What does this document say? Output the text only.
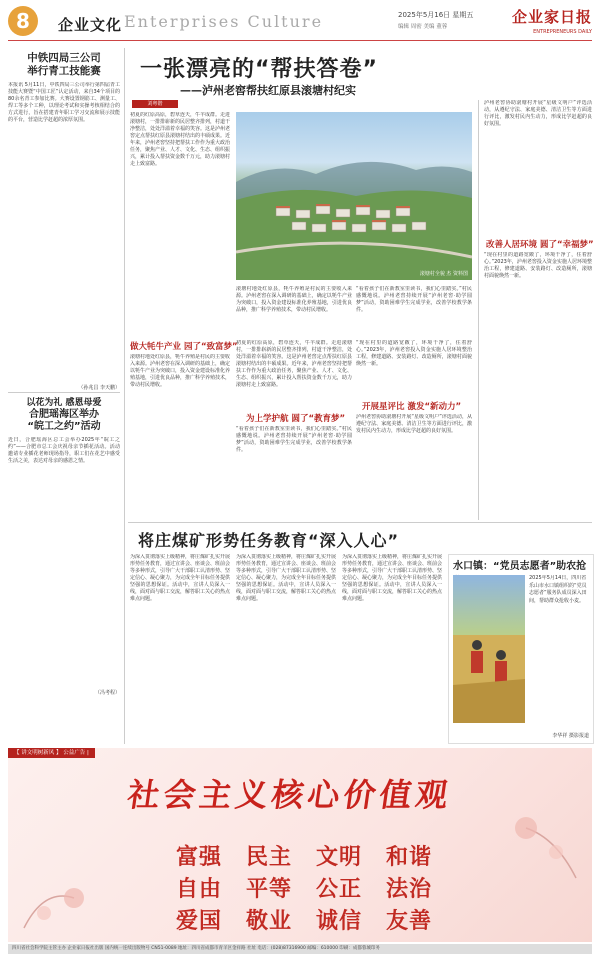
8	企业文化 Enterprises Culture	2025年5月16日 星期五
编辑 周密 美编 董蓉
企业家日报
ENTREPRENEURS DAILY
中铁四局三公司
举行青工技能赛
本报讯 5月11日，中铁四局三公司举行第四届青工技能大赛暨“中国工匠”认定活动，来自34个项目的80余名青工参加比赛。大赛设置钢筋工、测量工、焊工等多个工种，以理论考试和实操考核相结合的方式进行，旨在搭建青年职工学习交流和展示技能的平台，营造比学赶超的浓厚氛围。
（孙兆昌 李天鹏）
以花为礼 感恩母爱
合肥瑶海区举办
“皖工之约”活动
近日，合肥瑶海区总工会举办2025年“皖工之约”——合肥市总工会庆祝母亲节插花活动。活动邀请专业插花老师现场指导，职工们在花艺中感受生活之美，表达对母亲的感恩之情。
（冯考程）
一张漂亮的“帮扶答卷”
——泸州老窖帮扶红原县滚塘村纪实
刘粤锴
初夏的红原高原，碧草连天，牛羊成群。走进滚塘村，一排排崭新的民居整齐排列，村道干净整洁，处处洋溢着幸福的笑容。这是泸州老窖定点帮扶红原县滚塘村结出的丰硕成果。近年来，泸州老窖坚持把帮扶工作作为重大政治任务，聚焦产业、人才、文化、生态、组织振兴，累计投入帮扶资金数千万元，助力滚塘村走上致富路。
滚塘村全貌 杰 资料图
滚塘村地处红原县，牦牛养殖是村民的主要收入来源。泸州老窖在深入调研的基础上，确定以牦牛产业为突破口，投入资金建设标准化养殖基地，引进优良品种，推广科学养殖技术，带动村民增收。
“看着孩子们在新教室里读书，我们心里踏实。”村民感慨地说。泸州老窖持续开展“泸州老窖·助学圆梦”活动，资助困难学生完成学业，改善学校教学条件。
做大牦牛产业 园了“致富梦”
滚塘村地处红原县，牦牛养殖是村民的主要收入来源。泸州老窖在深入调研的基础上，确定以牦牛产业为突破口，投入资金建设标准化养殖基地，引进优良品种，推广科学养殖技术，带动村民增收。
初夏的红原高原，碧草连天，牛羊成群。走进滚塘村，一排排崭新的民居整齐排列，村道干净整洁，处处洋溢着幸福的笑容。这是泸州老窖定点帮扶红原县滚塘村结出的丰硕成果。近年来，泸州老窖坚持把帮扶工作作为重大政治任务，聚焦产业、人才、文化、生态、组织振兴，累计投入帮扶资金数千万元，助力滚塘村走上致富路。
为上学护航 圆了“教育梦”
“看着孩子们在新教室里读书，我们心里踏实。”村民感慨地说。泸州老窖持续开展“泸州老窖·助学圆梦”活动，资助困难学生完成学业，改善学校教学条件。
“现在村里的道路宽敞了，环境干净了，住着舒心。”2023年，泸州老窖投入资金实施人居环境整治工程，修建道路、安装路灯、改造厕所，滚塘村面貌焕然一新。
开展星评比 激发“新动力”
泸州老窖协助滚塘村开展“星级文明户”评选活动，从遵纪守法、家庭美德、清洁卫生等方面进行评比，激发村民内生动力，形成比学赶超的良好氛围。
泸州老窖协助滚塘村开展“星级文明户”评选活动，从遵纪守法、家庭美德、清洁卫生等方面进行评比，激发村民内生动力，形成比学赶超的良好氛围。
改善人居环境 圆了“幸福梦”
“现在村里的道路宽敞了，环境干净了，住着舒心。”2023年，泸州老窖投入资金实施人居环境整治工程，修建道路、安装路灯、改造厕所，滚塘村面貌焕然一新。
将庄煤矿形势任务教育“深入人心”
为深入贯彻落实上级精神，将庄煤矿扎实开展形势任务教育，通过宣讲会、座谈会、班前会等多种形式，引导广大干部职工认清形势、坚定信心、凝心聚力，为完成全年目标任务提供坚强的思想保证。活动中，宣讲人员深入一线，面对面与职工交流，解答职工关心的热点难点问题。
为深入贯彻落实上级精神，将庄煤矿扎实开展形势任务教育，通过宣讲会、座谈会、班前会等多种形式，引导广大干部职工认清形势、坚定信心、凝心聚力，为完成全年目标任务提供坚强的思想保证。活动中，宣讲人员深入一线，面对面与职工交流，解答职工关心的热点难点问题。
为深入贯彻落实上级精神，将庄煤矿扎实开展形势任务教育，通过宣讲会、座谈会、班前会等多种形式，引导广大干部职工认清形势、坚定信心、凝心聚力，为完成全年目标任务提供坚强的思想保证。活动中，宣讲人员深入一线，面对面与职工交流，解答职工关心的热点难点问题。
水口镇：“党员志愿者”助农抢
2025年5月14日，四川省乐山市水口镇组织的“党员志愿者”服务队成员深入田间，帮助群众抢收小麦。
李华祥 摄影报道
【 讲文明树新风 】 公益广告 |
社会主义核心价值观
富强 民主 文明 和谐
自由 平等 公正 法治
爱国 敬业 诚信 友善
四川省社会科学院主管主办 企业家日报社出版 国内统一连续出版物号 CN51-0089 地址：四川省成都市青羊区金祥路 社址 电话：(028)87316900 邮编：610000 印刷：成都蓉城印务
